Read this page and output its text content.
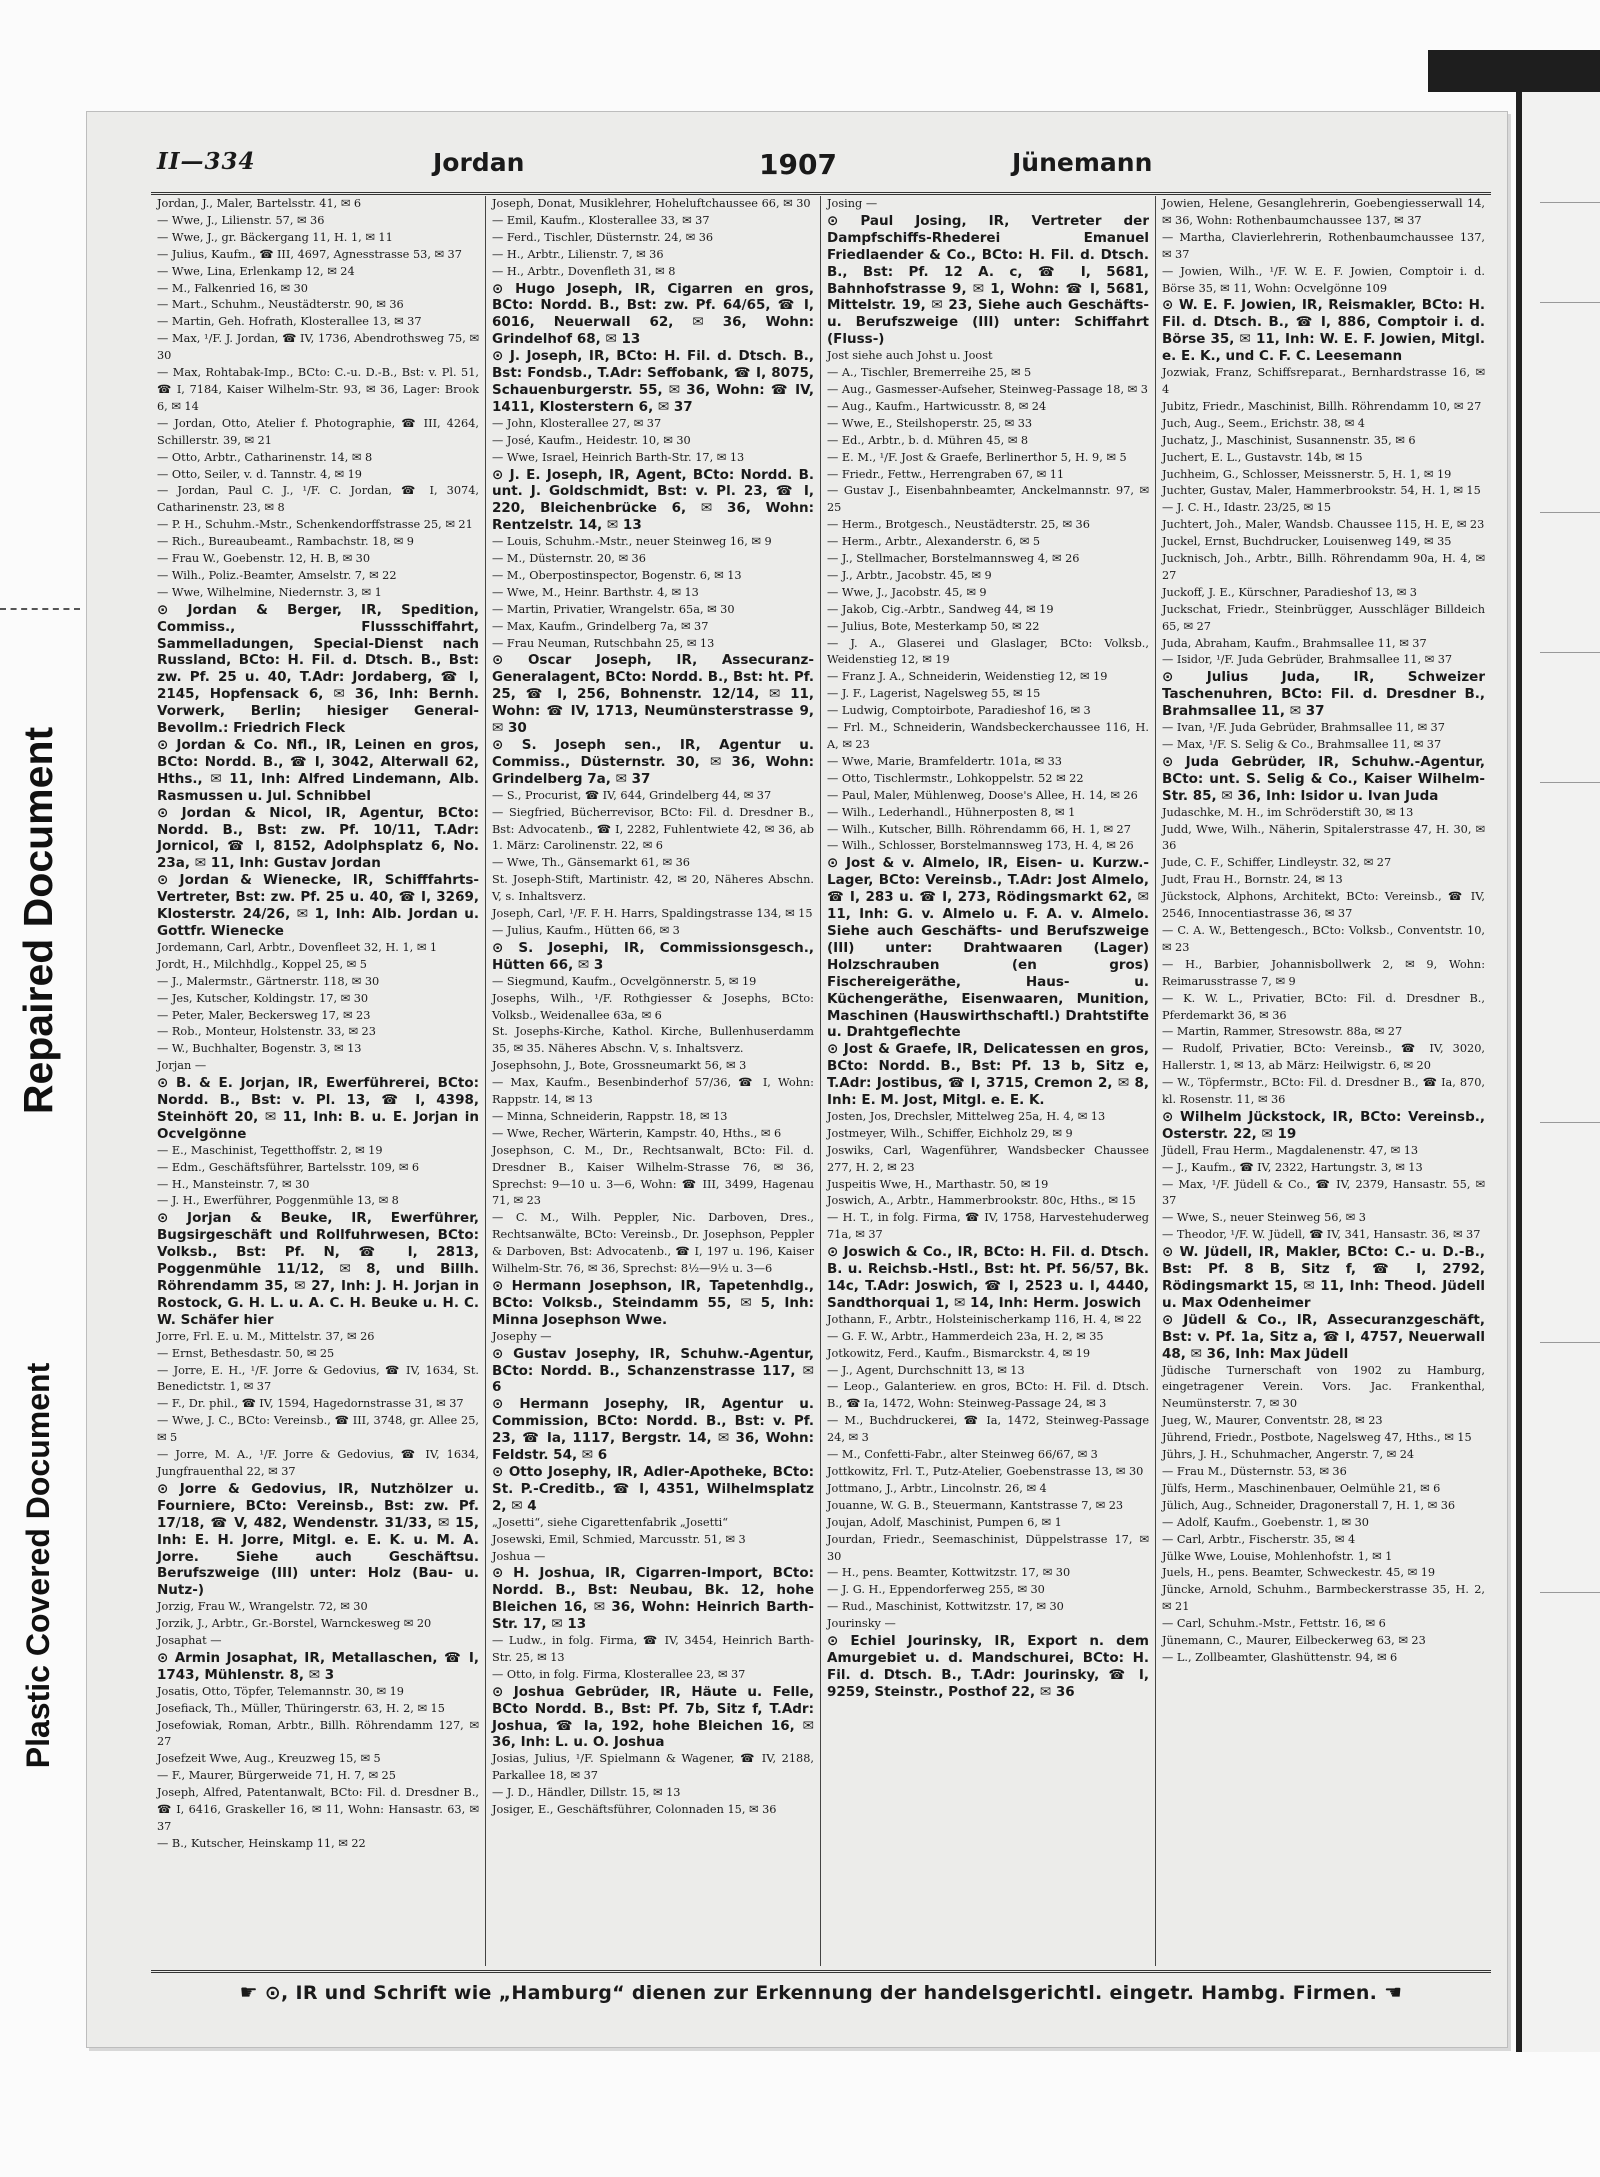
Repaired Document
Plastic Covered Document
II—334	Jordan	1907	Jünemann
Jordan, J., Maler, Bartelsstr. 41, ✉ 6
— Wwe, J., Lilienstr. 57, ✉ 36
— Wwe, J., gr. Bäckergang 11, H. 1, ✉ 11
— Julius, Kaufm., ☎ III, 4697, Agnesstrasse 53, ✉ 37
— Wwe, Lina, Erlenkamp 12, ✉ 24
— M., Falkenried 16, ✉ 30
— Mart., Schuhm., Neustädterstr. 90, ✉ 36
— Martin, Geh. Hofrath, Klosterallee 13, ✉ 37
— Max, ¹/F. J. Jordan, ☎ IV, 1736, Abendrothsweg 75, ✉ 30
— Max, Rohtabak-Imp., BCto: C.-u. D.-B., Bst: v. Pl. 51, ☎ I, 7184, Kaiser Wilhelm-Str. 93, ✉ 36, Lager: Brook 6, ✉ 14
— Jordan, Otto, Atelier f. Photographie, ☎ III, 4264, Schillerstr. 39, ✉ 21
— Otto, Arbtr., Catharinenstr. 14, ✉ 8
— Otto, Seiler, v. d. Tannstr. 4, ✉ 19
— Jordan, Paul C. J., ¹/F. C. Jordan, ☎ I, 3074, Catharinenstr. 23, ✉ 8
— P. H., Schuhm.-Mstr., Schenkendorffstrasse 25, ✉ 21
— Rich., Bureaubeamt., Rambachstr. 18, ✉ 9
— Frau W., Goebenstr. 12, H. B, ✉ 30
— Wilh., Poliz.-Beamter, Amselstr. 7, ✉ 22
— Wwe, Wilhelmine, Niedernstr. 3, ✉ 1
⊙ Jordan & Berger, IR, Spedition, Commiss., Flussschiffahrt, Sammelladungen, Special-Dienst nach Russland, BCto: H. Fil. d. Dtsch. B., Bst: zw. Pf. 25 u. 40, T.Adr: Jordaberg, ☎ I, 2145, Hopfensack 6, ✉ 36, Inh: Bernh. Vorwerk, Berlin; hiesiger General-Bevollm.: Friedrich Fleck
⊙ Jordan & Co. Nfl., IR, Leinen en gros, BCto: Nordd. B., ☎ I, 3042, Alterwall 62, Hths., ✉ 11, Inh: Alfred Lindemann, Alb. Rasmussen u. Jul. Schnibbel
⊙ Jordan & Nicol, IR, Agentur, BCto: Nordd. B., Bst: zw. Pf. 10/11, T.Adr: Jornicol, ☎ I, 8152, Adolphsplatz 6, No. 23a, ✉ 11, Inh: Gustav Jordan
⊙ Jordan & Wienecke, IR, Schifffahrts-Vertreter, Bst: zw. Pf. 25 u. 40, ☎ I, 3269, Klosterstr. 24/26, ✉ 1, Inh: Alb. Jordan u. Gottfr. Wienecke
Jordemann, Carl, Arbtr., Dovenfleet 32, H. 1, ✉ 1
Jordt, H., Milchhdlg., Koppel 25, ✉ 5
— J., Malermstr., Gärtnerstr. 118, ✉ 30
— Jes, Kutscher, Koldingstr. 17, ✉ 30
— Peter, Maler, Beckersweg 17, ✉ 23
— Rob., Monteur, Holstenstr. 33, ✉ 23
— W., Buchhalter, Bogenstr. 3, ✉ 13
Jorjan —
⊙ B. & E. Jorjan, IR, Ewerführerei, BCto: Nordd. B., Bst: v. Pl. 13, ☎ I, 4398, Steinhöft 20, ✉ 11, Inh: B. u. E. Jorjan in Ocvelgönne
— E., Maschinist, Tegetthoffstr. 2, ✉ 19
— Edm., Geschäftsführer, Bartelsstr. 109, ✉ 6
— H., Mansteinstr. 7, ✉ 30
— J. H., Ewerführer, Poggenmühle 13, ✉ 8
⊙ Jorjan & Beuke, IR, Ewerführer, Bugsirgeschäft und Rollfuhrwesen, BCto: Volksb., Bst: Pf. N, ☎ I, 2813, Poggenmühle 11/12, ✉ 8, und Billh. Röhrendamm 35, ✉ 27, Inh: J. H. Jorjan in Rostock, G. H. L. u. A. C. H. Beuke u. H. C. W. Schäfer hier
Jorre, Frl. E. u. M., Mittelstr. 37, ✉ 26
— Ernst, Bethesdastr. 50, ✉ 25
— Jorre, E. H., ¹/F. Jorre & Gedovius, ☎ IV, 1634, St. Benedictstr. 1, ✉ 37
— F., Dr. phil., ☎ IV, 1594, Hagedornstrasse 31, ✉ 37
— Wwe, J. C., BCto: Vereinsb., ☎ III, 3748, gr. Allee 25, ✉ 5
— Jorre, M. A., ¹/F. Jorre & Gedovius, ☎ IV, 1634, Jungfrauenthal 22, ✉ 37
⊙ Jorre & Gedovius, IR, Nutzhölzer u. Fourniere, BCto: Vereinsb., Bst: zw. Pf. 17/18, ☎ V, 482, Wendenstr. 31/33, ✉ 15, Inh: E. H. Jorre, Mitgl. e. E. K. u. M. A. Jorre. Siehe auch Geschäftsu. Berufszweige (III) unter: Holz (Bau- u. Nutz-)
Jorzig, Frau W., Wrangelstr. 72, ✉ 30
Jorzik, J., Arbtr., Gr.-Borstel, Warnckesweg ✉ 20
Josaphat —
⊙ Armin Josaphat, IR, Metallaschen, ☎ I, 1743, Mühlenstr. 8, ✉ 3
Josatis, Otto, Töpfer, Telemannstr. 30, ✉ 19
Josefiack, Th., Müller, Thüringerstr. 63, H. 2, ✉ 15
Josefowiak, Roman, Arbtr., Billh. Röhrendamm 127, ✉ 27
Josefzeit Wwe, Aug., Kreuzweg 15, ✉ 5
— F., Maurer, Bürgerweide 71, H. 7, ✉ 25
Joseph, Alfred, Patentanwalt, BCto: Fil. d. Dresdner B., ☎ I, 6416, Graskeller 16, ✉ 11, Wohn: Hansastr. 63, ✉ 37
— B., Kutscher, Heinskamp 11, ✉ 22
Joseph, Donat, Musiklehrer, Hoheluftchaussee 66, ✉ 30
— Emil, Kaufm., Klosterallee 33, ✉ 37
— Ferd., Tischler, Düsternstr. 24, ✉ 36
— H., Arbtr., Lilienstr. 7, ✉ 36
— H., Arbtr., Dovenfleth 31, ✉ 8
⊙ Hugo Joseph, IR, Cigarren en gros, BCto: Nordd. B., Bst: zw. Pf. 64/65, ☎ I, 6016, Neuerwall 62, ✉ 36, Wohn: Grindelhof 68, ✉ 13
⊙ J. Joseph, IR, BCto: H. Fil. d. Dtsch. B., Bst: Fondsb., T.Adr: Seffobank, ☎ I, 8075, Schauenburgerstr. 55, ✉ 36, Wohn: ☎ IV, 1411, Klosterstern 6, ✉ 37
— John, Klosterallee 27, ✉ 37
— José, Kaufm., Heidestr. 10, ✉ 30
— Wwe, Israel, Heinrich Barth-Str. 17, ✉ 13
⊙ J. E. Joseph, IR, Agent, BCto: Nordd. B. unt. J. Goldschmidt, Bst: v. Pl. 23, ☎ I, 220, Bleichenbrücke 6, ✉ 36, Wohn: Rentzelstr. 14, ✉ 13
— Louis, Schuhm.-Mstr., neuer Steinweg 16, ✉ 9
— M., Düsternstr. 20, ✉ 36
— M., Oberpostinspector, Bogenstr. 6, ✉ 13
— Wwe, M., Heinr. Barthstr. 4, ✉ 13
— Martin, Privatier, Wrangelstr. 65a, ✉ 30
— Max, Kaufm., Grindelberg 7a, ✉ 37
— Frau Neuman, Rutschbahn 25, ✉ 13
⊙ Oscar Joseph, IR, Assecuranz-Generalagent, BCto: Nordd. B., Bst: ht. Pf. 25, ☎ I, 256, Bohnenstr. 12/14, ✉ 11, Wohn: ☎ IV, 1713, Neumünsterstrasse 9, ✉ 30
⊙ S. Joseph sen., IR, Agentur u. Commiss., Düsternstr. 30, ✉ 36, Wohn: Grindelberg 7a, ✉ 37
— S., Procurist, ☎ IV, 644, Grindelberg 44, ✉ 37
— Siegfried, Bücherrevisor, BCto: Fil. d. Dresdner B., Bst: Advocatenb., ☎ I, 2282, Fuhlentwiete 42, ✉ 36, ab 1. März: Carolinenstr. 22, ✉ 6
— Wwe, Th., Gänsemarkt 61, ✉ 36
St. Joseph-Stift, Martinistr. 42, ✉ 20, Näheres Abschn. V, s. Inhaltsverz.
Joseph, Carl, ¹/F. F. H. Harrs, Spaldingstrasse 134, ✉ 15
— Julius, Kaufm., Hütten 66, ✉ 3
⊙ S. Josephi, IR, Commissionsgesch., Hütten 66, ✉ 3
— Siegmund, Kaufm., Ocvelgönnerstr. 5, ✉ 19
Josephs, Wilh., ¹/F. Rothgiesser & Josephs, BCto: Volksb., Weidenallee 63a, ✉ 6
St. Josephs-Kirche, Kathol. Kirche, Bullenhuserdamm 35, ✉ 35. Näheres Abschn. V, s. Inhaltsverz.
Josephsohn, J., Bote, Grossneumarkt 56, ✉ 3
— Max, Kaufm., Besenbinderhof 57/36, ☎ I, Wohn: Rappstr. 14, ✉ 13
— Minna, Schneiderin, Rappstr. 18, ✉ 13
— Wwe, Recher, Wärterin, Kampstr. 40, Hths., ✉ 6
Josephson, C. M., Dr., Rechtsanwalt, BCto: Fil. d. Dresdner B., Kaiser Wilhelm-Strasse 76, ✉ 36, Sprechst: 9—10 u. 3—6, Wohn: ☎ III, 3499, Hagenau 71, ✉ 23
— C. M., Wilh. Peppler, Nic. Darboven, Dres., Rechtsanwälte, BCto: Vereinsb., Dr. Josephson, Peppler & Darboven, Bst: Advocatenb., ☎ I, 197 u. 196, Kaiser Wilhelm-Str. 76, ✉ 36, Sprechst: 8½—9½ u. 3—6
⊙ Hermann Josephson, IR, Tapetenhdlg., BCto: Volksb., Steindamm 55, ✉ 5, Inh: Minna Josephson Wwe.
Josephy —
⊙ Gustav Josephy, IR, Schuhw.-Agentur, BCto: Nordd. B., Schanzenstrasse 117, ✉ 6
⊙ Hermann Josephy, IR, Agentur u. Commission, BCto: Nordd. B., Bst: v. Pf. 23, ☎ Ia, 1117, Bergstr. 14, ✉ 36, Wohn: Feldstr. 54, ✉ 6
⊙ Otto Josephy, IR, Adler-Apotheke, BCto: St. P.-Creditb., ☎ I, 4351, Wilhelmsplatz 2, ✉ 4
„Josetti“, siehe Cigarettenfabrik „Josetti“
Josewski, Emil, Schmied, Marcusstr. 51, ✉ 3
Joshua —
⊙ H. Joshua, IR, Cigarren-Import, BCto: Nordd. B., Bst: Neubau, Bk. 12, hohe Bleichen 16, ✉ 36, Wohn: Heinrich Barth-Str. 17, ✉ 13
— Ludw., in folg. Firma, ☎ IV, 3454, Heinrich Barth-Str. 25, ✉ 13
— Otto, in folg. Firma, Klosterallee 23, ✉ 37
⊙ Joshua Gebrüder, IR, Häute u. Felle, BCto Nordd. B., Bst: Pf. 7b, Sitz f, T.Adr: Joshua, ☎ Ia, 192, hohe Bleichen 16, ✉ 36, Inh: L. u. O. Joshua
Josias, Julius, ¹/F. Spielmann & Wagener, ☎ IV, 2188, Parkallee 18, ✉ 37
— J. D., Händler, Dillstr. 15, ✉ 13
Josiger, E., Geschäftsführer, Colonnaden 15, ✉ 36
Josing —
⊙ Paul Josing, IR, Vertreter der Dampfschiffs-Rhederei Emanuel Friedlaender & Co., BCto: H. Fil. d. Dtsch. B., Bst: Pf. 12 A. c, ☎ I, 5681, Bahnhofstrasse 9, ✉ 1, Wohn: ☎ I, 5681, Mittelstr. 19, ✉ 23, Siehe auch Geschäfts- u. Berufszweige (III) unter: Schiffahrt (Fluss-)
Jost siehe auch Johst u. Joost
— A., Tischler, Bremerreihe 25, ✉ 5
— Aug., Gasmesser-Aufseher, Steinweg-Passage 18, ✉ 3
— Aug., Kaufm., Hartwicusstr. 8, ✉ 24
— Wwe, E., Steilshoperstr. 25, ✉ 33
— Ed., Arbtr., b. d. Mühren 45, ✉ 8
— E. M., ¹/F. Jost & Graefe, Berlinerthor 5, H. 9, ✉ 5
— Friedr., Fettw., Herrengraben 67, ✉ 11
— Gustav J., Eisenbahnbeamter, Anckelmannstr. 97, ✉ 25
— Herm., Brotgesch., Neustädterstr. 25, ✉ 36
— Herm., Arbtr., Alexanderstr. 6, ✉ 5
— J., Stellmacher, Borstelmannsweg 4, ✉ 26
— J., Arbtr., Jacobstr. 45, ✉ 9
— Wwe, J., Jacobstr. 45, ✉ 9
— Jakob, Cig.-Arbtr., Sandweg 44, ✉ 19
— Julius, Bote, Mesterkamp 50, ✉ 22
— J. A., Glaserei und Glaslager, BCto: Volksb., Weidenstieg 12, ✉ 19
— Franz J. A., Schneiderin, Weidenstieg 12, ✉ 19
— J. F., Lagerist, Nagelsweg 55, ✉ 15
— Ludwig, Comptoirbote, Paradieshof 16, ✉ 3
— Frl. M., Schneiderin, Wandsbeckerchaussee 116, H. A, ✉ 23
— Wwe, Marie, Bramfeldertr. 101a, ✉ 33
— Otto, Tischlermstr., Lohkoppelstr. 52 ✉ 22
— Paul, Maler, Mühlenweg, Doose's Allee, H. 14, ✉ 26
— Wilh., Lederhandl., Hühnerposten 8, ✉ 1
— Wilh., Kutscher, Billh. Röhrendamm 66, H. 1, ✉ 27
— Wilh., Schlosser, Borstelmannsweg 173, H. 4, ✉ 26
⊙ Jost & v. Almelo, IR, Eisen- u. Kurzw.-Lager, BCto: Vereinsb., T.Adr: Jost Almelo, ☎ I, 283 u. ☎ I, 273, Rödingsmarkt 62, ✉ 11, Inh: G. v. Almelo u. F. A. v. Almelo. Siehe auch Geschäfts- und Berufszweige (III) unter: Drahtwaaren (Lager) Holzschrauben (en gros) Fischereigeräthe, Haus- u. Küchengeräthe, Eisenwaaren, Munition, Maschinen (Hauswirthschaftl.) Drahtstifte u. Drahtgeflechte
⊙ Jost & Graefe, IR, Delicatessen en gros, BCto: Nordd. B., Bst: Pf. 13 b, Sitz e, T.Adr: Jostibus, ☎ I, 3715, Cremon 2, ✉ 8, Inh: E. M. Jost, Mitgl. e. E. K.
Josten, Jos, Drechsler, Mittelweg 25a, H. 4, ✉ 13
Jostmeyer, Wilh., Schiffer, Eichholz 29, ✉ 9
Joswiks, Carl, Wagenführer, Wandsbecker Chaussee 277, H. 2, ✉ 23
Juspeitis Wwe, H., Marthastr. 50, ✉ 19
Joswich, A., Arbtr., Hammerbrookstr. 80c, Hths., ✉ 15
— H. T., in folg. Firma, ☎ IV, 1758, Harvestehuderweg 71a, ✉ 37
⊙ Joswich & Co., IR, BCto: H. Fil. d. Dtsch. B. u. Reichsb.-Hstl., Bst: ht. Pf. 56/57, Bk. 14c, T.Adr: Joswich, ☎ I, 2523 u. I, 4440, Sandthorquai 1, ✉ 14, Inh: Herm. Joswich
Jothann, F., Arbtr., Holsteinischerkamp 116, H. 4, ✉ 22
— G. F. W., Arbtr., Hammerdeich 23a, H. 2, ✉ 35
Jotkowitz, Ferd., Kaufm., Bismarckstr. 4, ✉ 19
— J., Agent, Durchschnitt 13, ✉ 13
— Leop., Galanteriew. en gros, BCto: H. Fil. d. Dtsch. B., ☎ Ia, 1472, Wohn: Steinweg-Passage 24, ✉ 3
— M., Buchdruckerei, ☎ Ia, 1472, Steinweg-Passage 24, ✉ 3
— M., Confetti-Fabr., alter Steinweg 66/67, ✉ 3
Jottkowitz, Frl. T., Putz-Atelier, Goebenstrasse 13, ✉ 30
Jottmano, J., Arbtr., Lincolnstr. 26, ✉ 4
Jouanne, W. G. B., Steuermann, Kantstrasse 7, ✉ 23
Joujan, Adolf, Maschinist, Pumpen 6, ✉ 1
Jourdan, Friedr., Seemaschinist, Düppelstrasse 17, ✉ 30
— H., pens. Beamter, Kottwitzstr. 17, ✉ 30
— J. G. H., Eppendorferweg 255, ✉ 30
— Rud., Maschinist, Kottwitzstr. 17, ✉ 30
Jourinsky —
⊙ Echiel Jourinsky, IR, Export n. dem Amurgebiet u. d. Mandschurei, BCto: H. Fil. d. Dtsch. B., T.Adr: Jourinsky, ☎ I, 9259, Steinstr., Posthof 22, ✉ 36
Jowien, Helene, Gesanglehrerin, Goebengiesserwall 14, ✉ 36, Wohn: Rothenbaumchaussee 137, ✉ 37
— Martha, Clavierlehrerin, Rothenbaumchaussee 137, ✉ 37
— Jowien, Wilh., ¹/F. W. E. F. Jowien, Comptoir i. d. Börse 35, ✉ 11, Wohn: Ocvelgönne 109
⊙ W. E. F. Jowien, IR, Reismakler, BCto: H. Fil. d. Dtsch. B., ☎ I, 886, Comptoir i. d. Börse 35, ✉ 11, Inh: W. E. F. Jowien, Mitgl. e. E. K., und C. F. C. Leesemann
Jozwiak, Franz, Schiffsreparat., Bernhardstrasse 16, ✉ 4
Jubitz, Friedr., Maschinist, Billh. Röhrendamm 10, ✉ 27
Juch, Aug., Seem., Erichstr. 38, ✉ 4
Juchatz, J., Maschinist, Susannenstr. 35, ✉ 6
Juchert, E. L., Gustavstr. 14b, ✉ 15
Juchheim, G., Schlosser, Meissnerstr. 5, H. 1, ✉ 19
Juchter, Gustav, Maler, Hammerbrookstr. 54, H. 1, ✉ 15
— J. C. H., Idastr. 23/25, ✉ 15
Juchtert, Joh., Maler, Wandsb. Chaussee 115, H. E, ✉ 23
Juckel, Ernst, Buchdrucker, Louisenweg 149, ✉ 35
Jucknisch, Joh., Arbtr., Billh. Röhrendamm 90a, H. 4, ✉ 27
Juckoff, J. E., Kürschner, Paradieshof 13, ✉ 3
Juckschat, Friedr., Steinbrügger, Ausschläger Billdeich 65, ✉ 27
Juda, Abraham, Kaufm., Brahmsallee 11, ✉ 37
— Isidor, ¹/F. Juda Gebrüder, Brahmsallee 11, ✉ 37
⊙ Julius Juda, IR, Schweizer Taschenuhren, BCto: Fil. d. Dresdner B., Brahmsallee 11, ✉ 37
— Ivan, ¹/F. Juda Gebrüder, Brahmsallee 11, ✉ 37
— Max, ¹/F. S. Selig & Co., Brahmsallee 11, ✉ 37
⊙ Juda Gebrüder, IR, Schuhw.-Agentur, BCto: unt. S. Selig & Co., Kaiser Wilhelm-Str. 85, ✉ 36, Inh: Isidor u. Ivan Juda
Judaschke, M. H., im Schröderstift 30, ✉ 13
Judd, Wwe, Wilh., Näherin, Spitalerstrasse 47, H. 30, ✉ 36
Jude, C. F., Schiffer, Lindleystr. 32, ✉ 27
Judt, Frau H., Bornstr. 24, ✉ 13
Jückstock, Alphons, Architekt, BCto: Vereinsb., ☎ IV, 2546, Innocentiastrasse 36, ✉ 37
— C. A. W., Bettengesch., BCto: Volksb., Conventstr. 10, ✉ 23
— H., Barbier, Johannisbollwerk 2, ✉ 9, Wohn: Reimarusstrasse 7, ✉ 9
— K. W. L., Privatier, BCto: Fil. d. Dresdner B., Pferdemarkt 36, ✉ 36
— Martin, Rammer, Stresowstr. 88a, ✉ 27
— Rudolf, Privatier, BCto: Vereinsb., ☎ IV, 3020, Hallerstr. 1, ✉ 13, ab März: Heilwigstr. 6, ✉ 20
— W., Töpfermstr., BCto: Fil. d. Dresdner B., ☎ Ia, 870, kl. Rosenstr. 11, ✉ 36
⊙ Wilhelm Jückstock, IR, BCto: Vereinsb., Osterstr. 22, ✉ 19
Jüdell, Frau Herm., Magdalenenstr. 47, ✉ 13
— J., Kaufm., ☎ IV, 2322, Hartungstr. 3, ✉ 13
— Max, ¹/F. Jüdell & Co., ☎ IV, 2379, Hansastr. 55, ✉ 37
— Wwe, S., neuer Steinweg 56, ✉ 3
— Theodor, ¹/F. W. Jüdell, ☎ IV, 341, Hansastr. 36, ✉ 37
⊙ W. Jüdell, IR, Makler, BCto: C.- u. D.-B., Bst: Pf. 8 B, Sitz f, ☎ I, 2792, Rödingsmarkt 15, ✉ 11, Inh: Theod. Jüdell u. Max Odenheimer
⊙ Jüdell & Co., IR, Assecuranzgeschäft, Bst: v. Pf. 1a, Sitz a, ☎ I, 4757, Neuerwall 48, ✉ 36, Inh: Max Jüdell
Jüdische Turnerschaft von 1902 zu Hamburg, eingetragener Verein. Vors. Jac. Frankenthal, Neumünsterstr. 7, ✉ 30
Jueg, W., Maurer, Conventstr. 28, ✉ 23
Jührend, Friedr., Postbote, Nagelsweg 47, Hths., ✉ 15
Jührs, J. H., Schuhmacher, Angerstr. 7, ✉ 24
— Frau M., Düsternstr. 53, ✉ 36
Jülfs, Herm., Maschinenbauer, Oelmühle 21, ✉ 6
Jülich, Aug., Schneider, Dragonerstall 7, H. 1, ✉ 36
— Adolf, Kaufm., Goebenstr. 1, ✉ 30
— Carl, Arbtr., Fischerstr. 35, ✉ 4
Jülke Wwe, Louise, Mohlenhofstr. 1, ✉ 1
Juels, H., pens. Beamter, Schweckestr. 45, ✉ 19
Jüncke, Arnold, Schuhm., Barmbeckerstrasse 35, H. 2, ✉ 21
— Carl, Schuhm.-Mstr., Fettstr. 16, ✉ 6
Jünemann, C., Maurer, Eilbeckerweg 63, ✉ 23
— L., Zollbeamter, Glashüttenstr. 94, ✉ 6
☛ ⊙, IR und Schrift wie „Hamburg“ dienen zur Erkennung der handelsgerichtl. eingetr. Hambg. Firmen. ☚
